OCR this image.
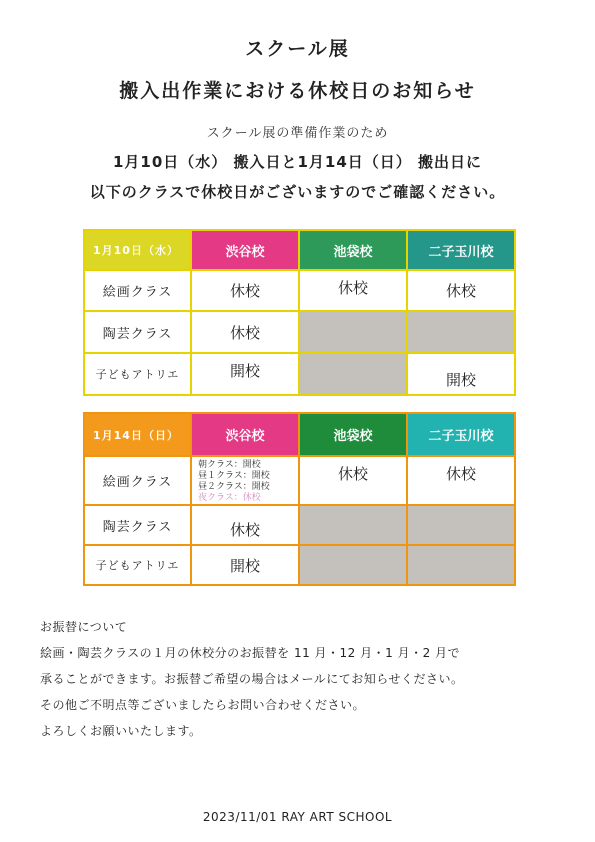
スクール展
搬入出作業における休校日のお知らせ
スクール展の準備作業のため
1月10日（水） 搬入日と1月14日（日） 搬出日に
以下のクラスで休校日がございますのでご確認ください。
1月10日（水）	渋谷校	池袋校	二子玉川校
絵画クラス	休校	休校	休校
陶芸クラス	休校		
子どもアトリエ	開校		開校
1月14日（日）	渋谷校	池袋校	二子玉川校
絵画クラス	朝クラス：開校
昼１クラス：開校
昼２クラス：開校
夜クラス：休校	休校	休校
陶芸クラス	休校		
子どもアトリエ	開校		
お振替について
絵画・陶芸クラスの１月の休校分のお振替を 11 月・12 月・1 月・2 月で
承ることができます。お振替ご希望の場合はメールにてお知らせください。
その他ご不明点等ございましたらお問い合わせください。
よろしくお願いいたします。
2023/11/01 RAY ART SCHOOL
